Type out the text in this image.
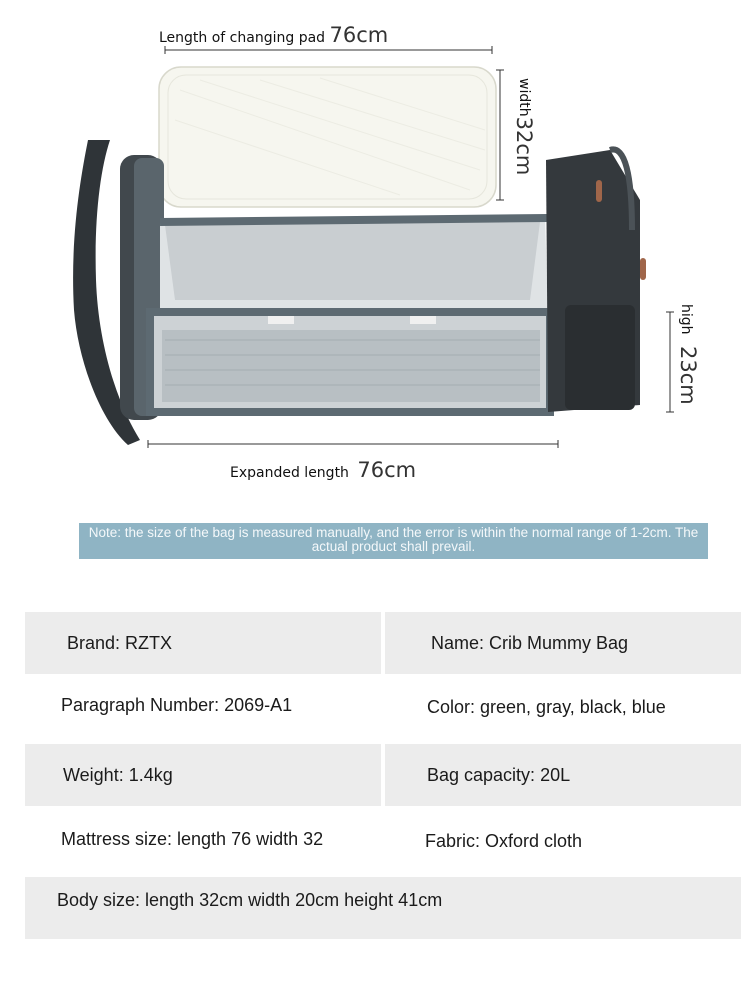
Length of changing pad 76cm
width32cm
high
23cm
Expanded length 76cm
Note: the size of the bag is measured manually, and the error is within the normal range of 1-2cm. The actual product shall prevail.
Brand: RZTX	Name: Crib Mummy Bag
Paragraph Number: 2069-A1	Color: green, gray, black, blue
Weight: 1.4kg	Bag capacity: 20L
Mattress size: length 76 width 32	Fabric: Oxford cloth
Body size: length 32cm width 20cm height 41cm
